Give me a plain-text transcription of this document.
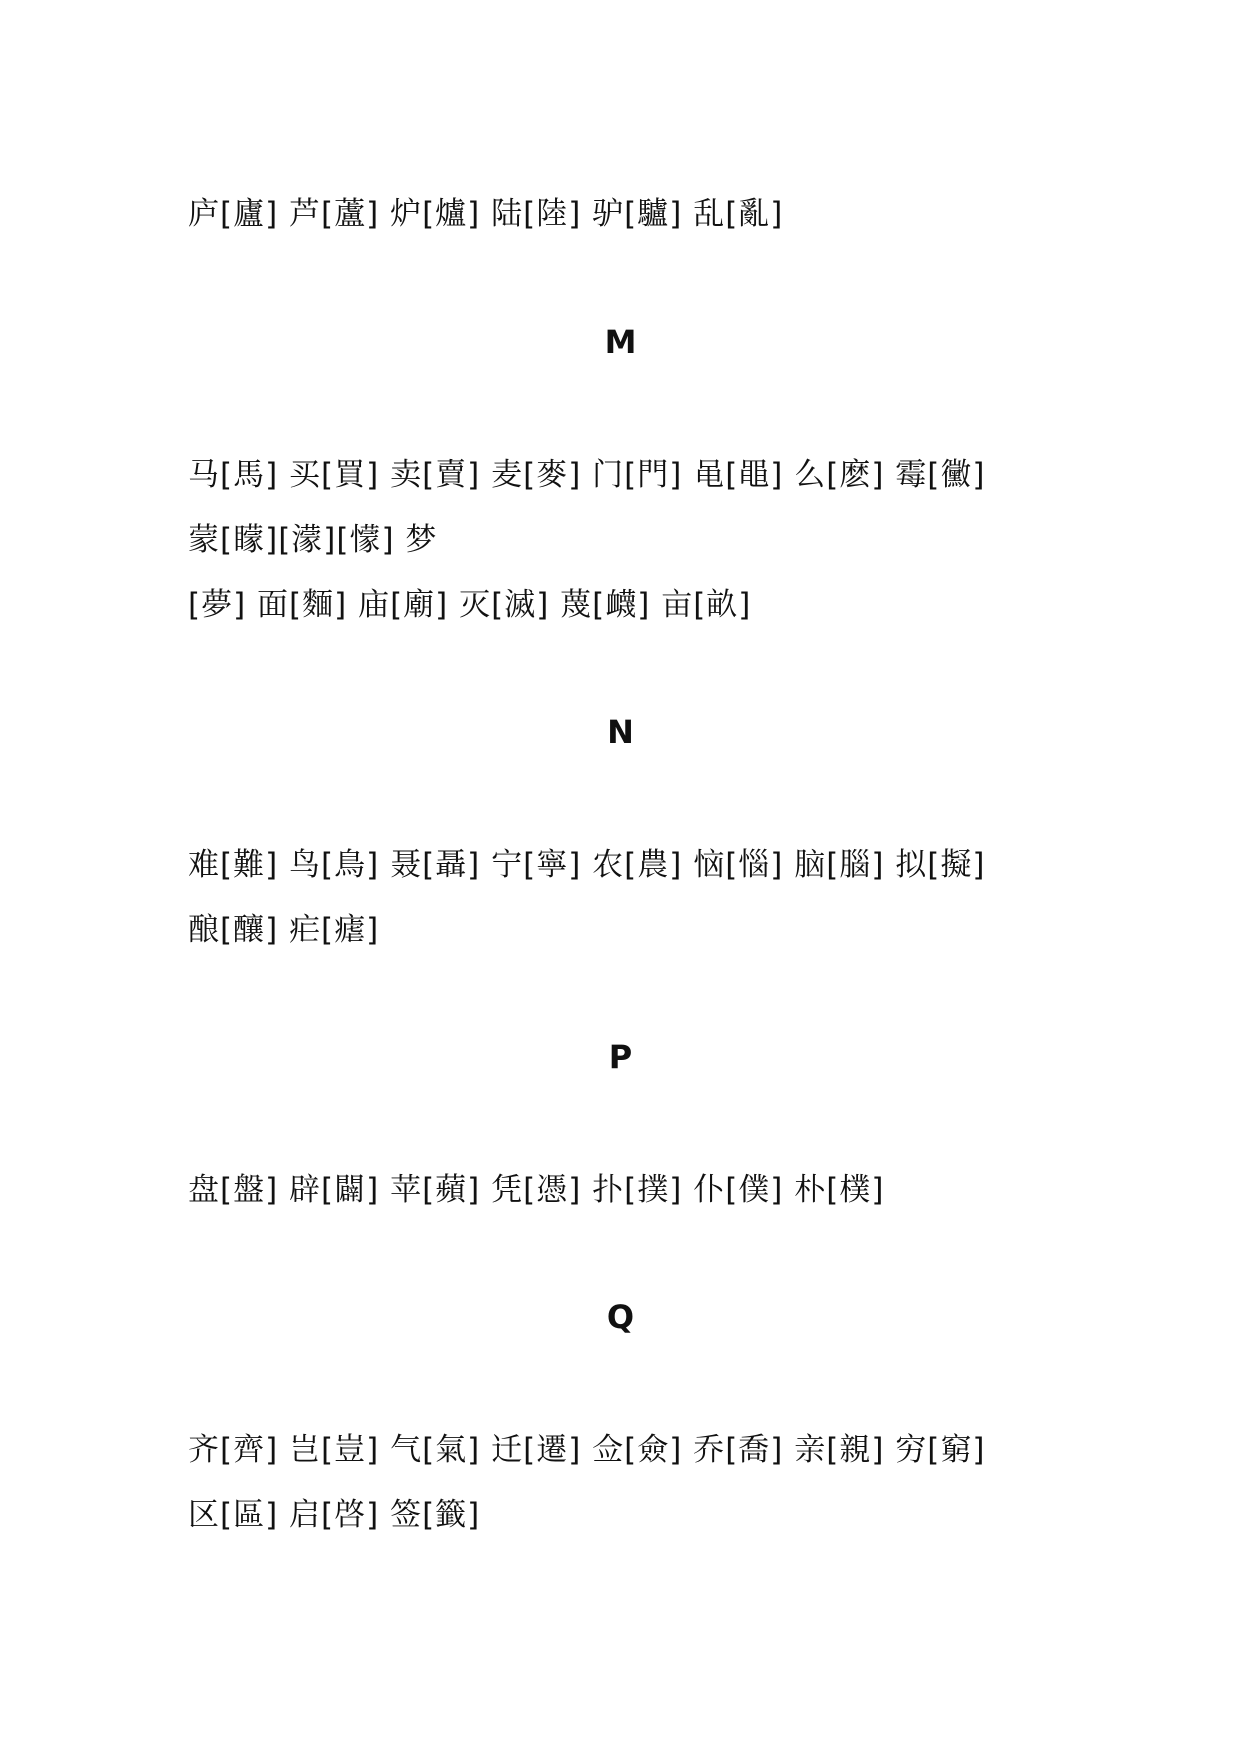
庐[廬] 芦[蘆] 炉[爐] 陆[陸] 驴[驢] 乱[亂]
M
马[馬] 买[買] 卖[賣] 麦[麥] 门[門] 黾[黽] 么[麽] 霉[黴]
蒙[矇][濛][懞] 梦
[夢] 面[麵] 庙[廟] 灭[滅] 蔑[衊] 亩[畝]
N
难[難] 鸟[鳥] 聂[聶] 宁[寧] 农[農] 恼[惱] 脑[腦] 拟[擬]
酿[釀] 疟[瘧]
P
盘[盤] 辟[闢] 苹[蘋] 凭[憑] 扑[撲] 仆[僕] 朴[樸]
Q
齐[齊] 岂[豈] 气[氣] 迁[遷] 佥[僉] 乔[喬] 亲[親] 穷[窮]
区[區] 启[啓] 签[籤]
